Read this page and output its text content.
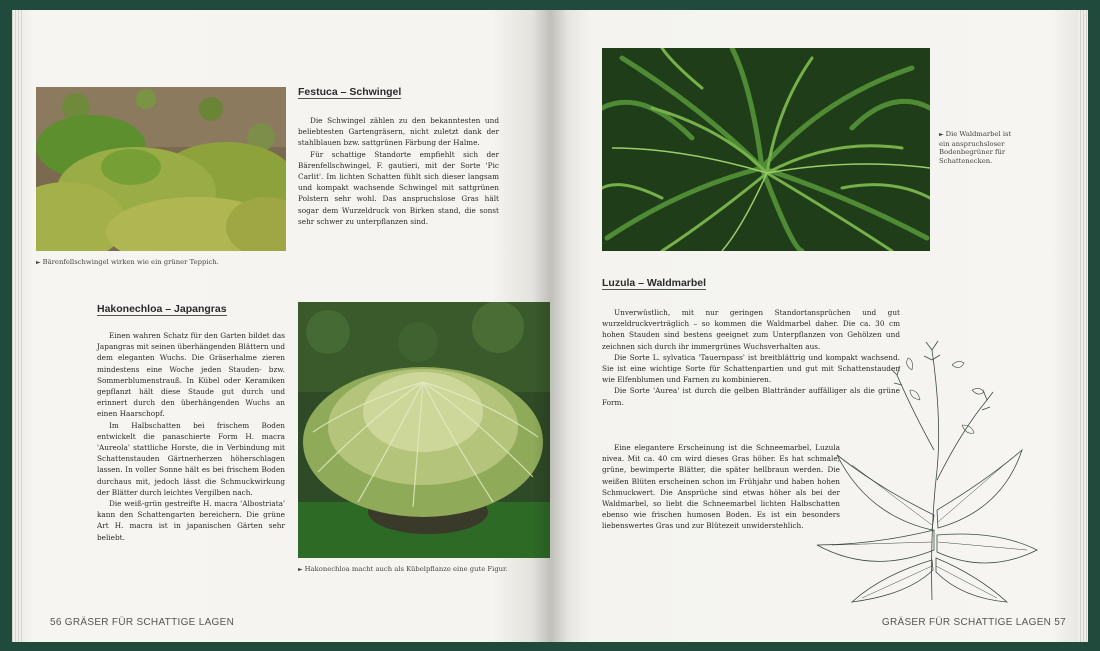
► Bärenfellschwingel wirken wie ein grüner Teppich.
Festuca – Schwingel

Die Schwingel zählen zu den bekanntesten und beliebtesten Gartengräsern, nicht zuletzt dank der stahlblauen bzw. sattgrünen Färbung der Halme.

Für schattige Standorte empfiehlt sich der Bärenfellschwingel, F. gautieri, mit der Sorte 'Pic Carlit'. Im lichten Schatten fühlt sich dieser langsam und kompakt wachsende Schwingel mit sattgrünen Polstern sehr wohl. Das anspruchslose Gras hält sogar dem Wurzeldruck von Birken stand, die sonst sehr schwer zu unterpflanzen sind.

Hakonechloa – Japangras

Einen wahren Schatz für den Garten bildet das Japangras mit seinen überhängenden Blättern und dem eleganten Wuchs. Die Gräserhalme zieren mindestens eine Woche jeden Stauden- bzw. Sommerblumenstrauß. In Kübel oder Keramiken gepflanzt hält diese Staude gut durch und erinnert durch den überhängenden Wuchs an einen Haarschopf.

Im Halbschatten bei frischem Boden entwickelt die panaschierte Form H. macra 'Aureola' stattliche Horste, die in Verbindung mit Schattenstauden Gärtnerherzen höherschlagen lassen. In voller Sonne hält es bei frischem Boden durchaus mit, jedoch lässt die Schmuckwirkung der Blätter durch leichtes Vergilben nach.

Die weiß-grün gestreifte H. macra 'Albostriata' kann den Schattengarten bereichern. Die grüne Art H. macra ist in japanischen Gärten sehr beliebt.

► Hakonechloa macht auch als Kübelpflanze eine gute Figur.
56 GRÄSER FÜR SCHATTIGE LAGEN
► Die Waldmarbel ist ein anspruchsloser Bodenbegrüner für Schattenecken.
Luzula – Waldmarbel

Unverwüstlich, mit nur geringen Standortansprüchen und gut wurzeldruckverträglich – so kommen die Waldmarbel daher. Die ca. 30 cm hohen Stauden sind bestens geeignet zum Unterpflanzen von Gehölzen und zeichnen sich durch ihr immergrünes Wuchsverhalten aus.

Die Sorte L. sylvatica 'Tauernpass' ist breitblättrig und kompakt wachsend. Sie ist eine wichtige Sorte für Schattenpartien und gut mit Schattenstauden wie Elfenblumen und Farnen zu kombinieren.

Die Sorte 'Aurea' ist durch die gelben Blattränder auffälliger als die grüne Form.

Eine elegantere Erscheinung ist die Schneemarbel, Luzula nivea. Mit ca. 40 cm wird dieses Gras höher. Es hat schmale, grüne, bewimperte Blätter, die später hellbraun werden. Die weißen Blüten erscheinen schon im Frühjahr und haben hohen Schmuckwert. Die Ansprüche sind etwas höher als bei der Waldmarbel, so liebt die Schneemarbel lichten Halbschatten ebenso wie frischen humosen Boden. Es ist ein besonders liebenswertes Gras und zur Blütezeit unwiderstehlich.

GRÄSER FÜR SCHATTIGE LAGEN 57
